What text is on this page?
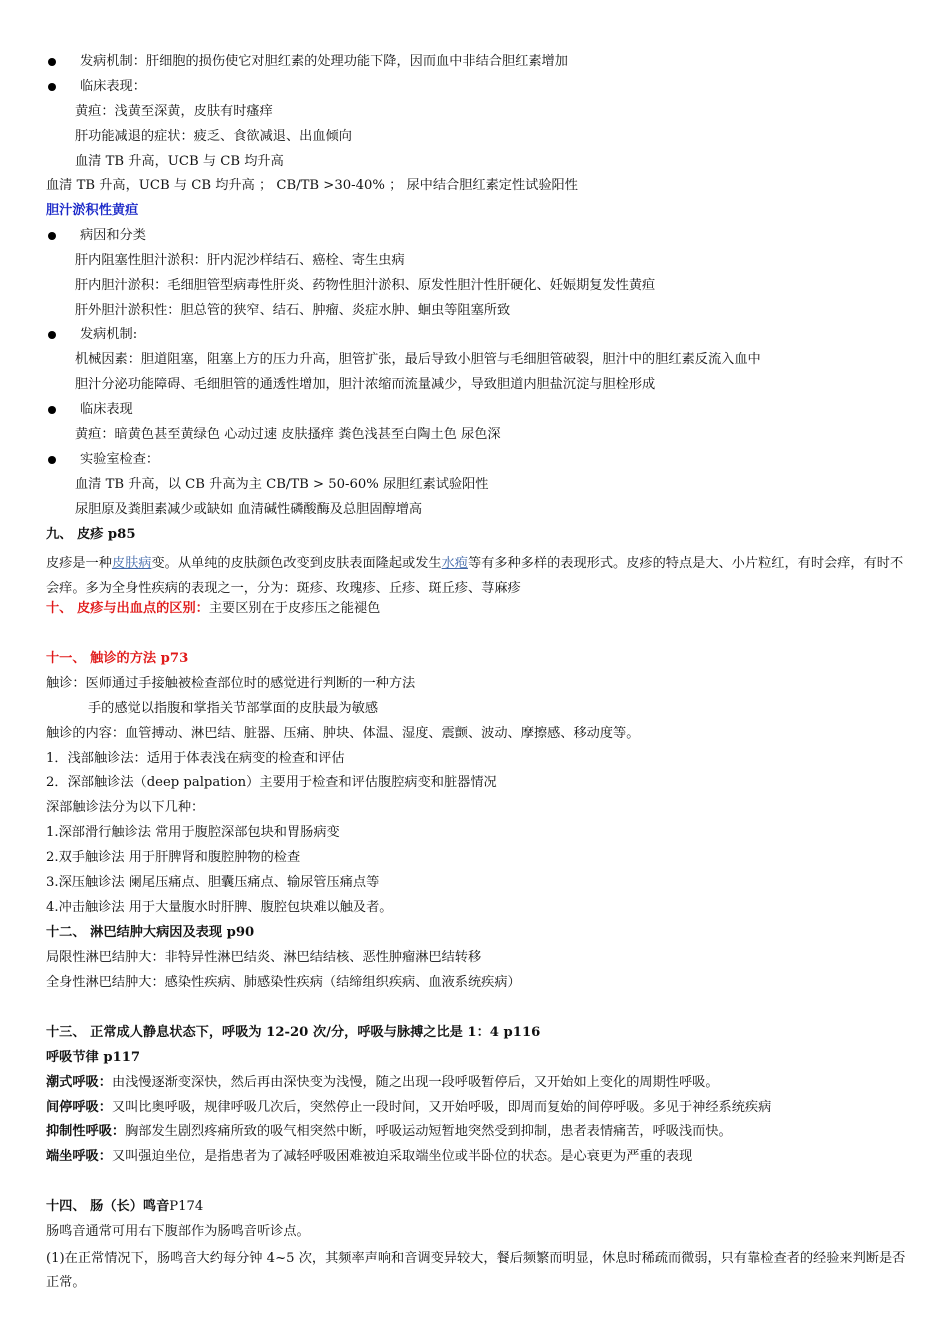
发病机制：肝细胞的损伤使它对胆红素的处理功能下降，因而血中非结合胆红素增加
临床表现：
黄疸：浅黄至深黄，皮肤有时瘙痒
肝功能减退的症状：疲乏、食欲减退、出血倾向
血清 TB 升高，UCB 与 CB 均升高
血清 TB 升高，UCB 与 CB 均升高 ； CB/TB >30-40% ； 尿中结合胆红素定性试验阳性
胆汁淤积性黄疸
病因和分类
肝内阻塞性胆汁淤积：肝内泥沙样结石、癌栓、寄生虫病
肝内胆汁淤积：毛细胆管型病毒性肝炎、药物性胆汁淤积、原发性胆汁性肝硬化、妊娠期复发性黄疸
肝外胆汁淤积性：胆总管的狭窄、结石、肿瘤、炎症水肿、蛔虫等阻塞所致
发病机制:
机械因素：胆道阻塞，阻塞上方的压力升高，胆管扩张，最后导致小胆管与毛细胆管破裂，胆汁中的胆红素反流入血中
胆汁分泌功能障碍、毛细胆管的通透性增加，胆汁浓缩而流量减少，导致胆道内胆盐沉淀与胆栓形成
临床表现
黄疸：暗黄色甚至黄绿色 心动过速 皮肤搔痒 粪色浅甚至白陶土色 尿色深
实验室检查：
血清 TB 升高，以 CB 升高为主 CB/TB > 50-60% 尿胆红素试验阳性
尿胆原及粪胆素减少或缺如 血清碱性磷酸酶及总胆固醇增高
九、 皮疹 p85
皮疹是一种皮肤病变。从单纯的皮肤颜色改变到皮肤表面隆起或发生水疱等有多种多样的表现形式。皮疹的特点是大、小片粒红，有时会痒，有时不会痒。多为全身性疾病的表现之一，分为：斑疹、玫瑰疹、丘疹、斑丘疹、荨麻疹
十、 皮疹与出血点的区别：主要区别在于皮疹压之能褪色
十一、 触诊的方法 p73
触诊：医师通过手接触被检查部位时的感觉进行判断的一种方法
手的感觉以指腹和掌指关节部掌面的皮肤最为敏感
触诊的内容：血管搏动、淋巴结、脏器、压痛、肿块、体温、湿度、震颤、波动、摩擦感、移动度等。
1．浅部触诊法：适用于体表浅在病变的检查和评估
2．深部触诊法（deep palpation）主要用于检查和评估腹腔病变和脏器情况
深部触诊法分为以下几种：
1.深部滑行触诊法 常用于腹腔深部包块和胃肠病变
2.双手触诊法 用于肝脾肾和腹腔肿物的检查
3.深压触诊法 阑尾压痛点、胆囊压痛点、输尿管压痛点等
4.冲击触诊法 用于大量腹水时肝脾、腹腔包块难以触及者。
十二、 淋巴结肿大病因及表现 p90
局限性淋巴结肿大：非特异性淋巴结炎、淋巴结结核、恶性肿瘤淋巴结转移
全身性淋巴结肿大：感染性疾病、肺感染性疾病（结缔组织疾病、血液系统疾病）
十三、 正常成人静息状态下，呼吸为 12-20 次/分，呼吸与脉搏之比是 1：4 p116
呼吸节律 p117
潮式呼吸：由浅慢逐渐变深快，然后再由深快变为浅慢，随之出现一段呼吸暂停后，又开始如上变化的周期性呼吸。
间停呼吸：又叫比奥呼吸，规律呼吸几次后，突然停止一段时间，又开始呼吸，即周而复始的间停呼吸。多见于神经系统疾病
抑制性呼吸：胸部发生剧烈疼痛所致的吸气相突然中断，呼吸运动短暂地突然受到抑制，患者表情痛苦，呼吸浅而快。
端坐呼吸：又叫强迫坐位，是指患者为了减轻呼吸困难被迫采取端坐位或半卧位的状态。是心衰更为严重的表现
十四、 肠（长）鸣音P174
肠鸣音通常可用右下腹部作为肠鸣音听诊点。
(1)在正常情况下，肠鸣音大约每分钟 4~5 次，其频率声响和音调变异较大，餐后频繁而明显，休息时稀疏而微弱，只有靠检查者的经验来判断是否正常。
